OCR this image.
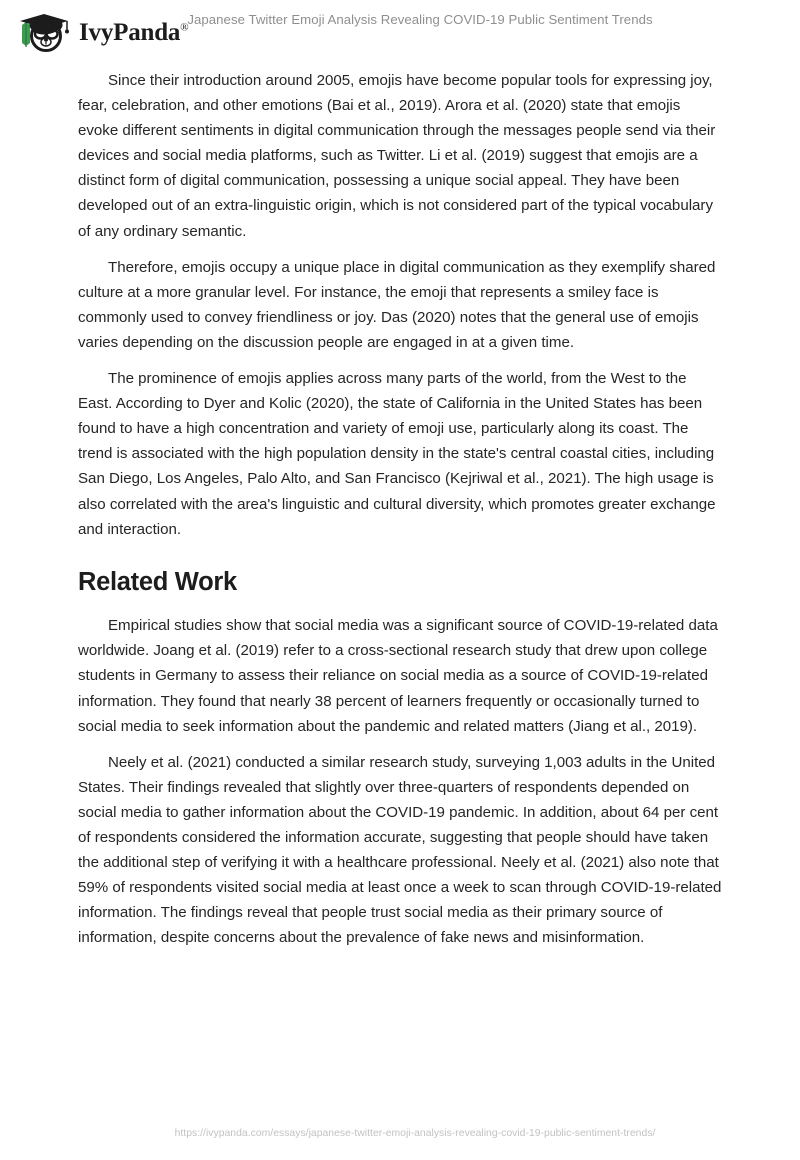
IvyPanda®
Japanese Twitter Emoji Analysis Revealing COVID-19 Public Sentiment Trends

Since their introduction around 2005, emojis have become popular tools for expressing joy, fear, celebration, and other emotions (Bai et al., 2019). Arora et al. (2020) state that emojis evoke different sentiments in digital communication through the messages people send via their devices and social media platforms, such as Twitter. Li et al. (2019) suggest that emojis are a distinct form of digital communication, possessing a unique social appeal. They have been developed out of an extra-linguistic origin, which is not considered part of the typical vocabulary of any ordinary semantic.

Therefore, emojis occupy a unique place in digital communication as they exemplify shared culture at a more granular level. For instance, the emoji that represents a smiley face is commonly used to convey friendliness or joy. Das (2020) notes that the general use of emojis varies depending on the discussion people are engaged in at a given time.

The prominence of emojis applies across many parts of the world, from the West to the East. According to Dyer and Kolic (2020), the state of California in the United States has been found to have a high concentration and variety of emoji use, particularly along its coast. The trend is associated with the high population density in the state's central coastal cities, including San Diego, Los Angeles, Palo Alto, and San Francisco (Kejriwal et al., 2021). The high usage is also correlated with the area's linguistic and cultural diversity, which promotes greater exchange and interaction.

Related Work

Empirical studies show that social media was a significant source of COVID-19-related data worldwide. Joang et al. (2019) refer to a cross-sectional research study that drew upon college students in Germany to assess their reliance on social media as a source of COVID-19-related information. They found that nearly 38 percent of learners frequently or occasionally turned to social media to seek information about the pandemic and related matters (Jiang et al., 2019).

Neely et al. (2021) conducted a similar research study, surveying 1,003 adults in the United States. Their findings revealed that slightly over three-quarters of respondents depended on social media to gather information about the COVID-19 pandemic. In addition, about 64 per cent of respondents considered the information accurate, suggesting that people should have taken the additional step of verifying it with a healthcare professional. Neely et al. (2021) also note that 59% of respondents visited social media at least once a week to scan through COVID-19-related information. The findings reveal that people trust social media as their primary source of information, despite concerns about the prevalence of fake news and misinformation.

https://ivypanda.com/essays/japanese-twitter-emoji-analysis-revealing-covid-19-public-sentiment-trends/
